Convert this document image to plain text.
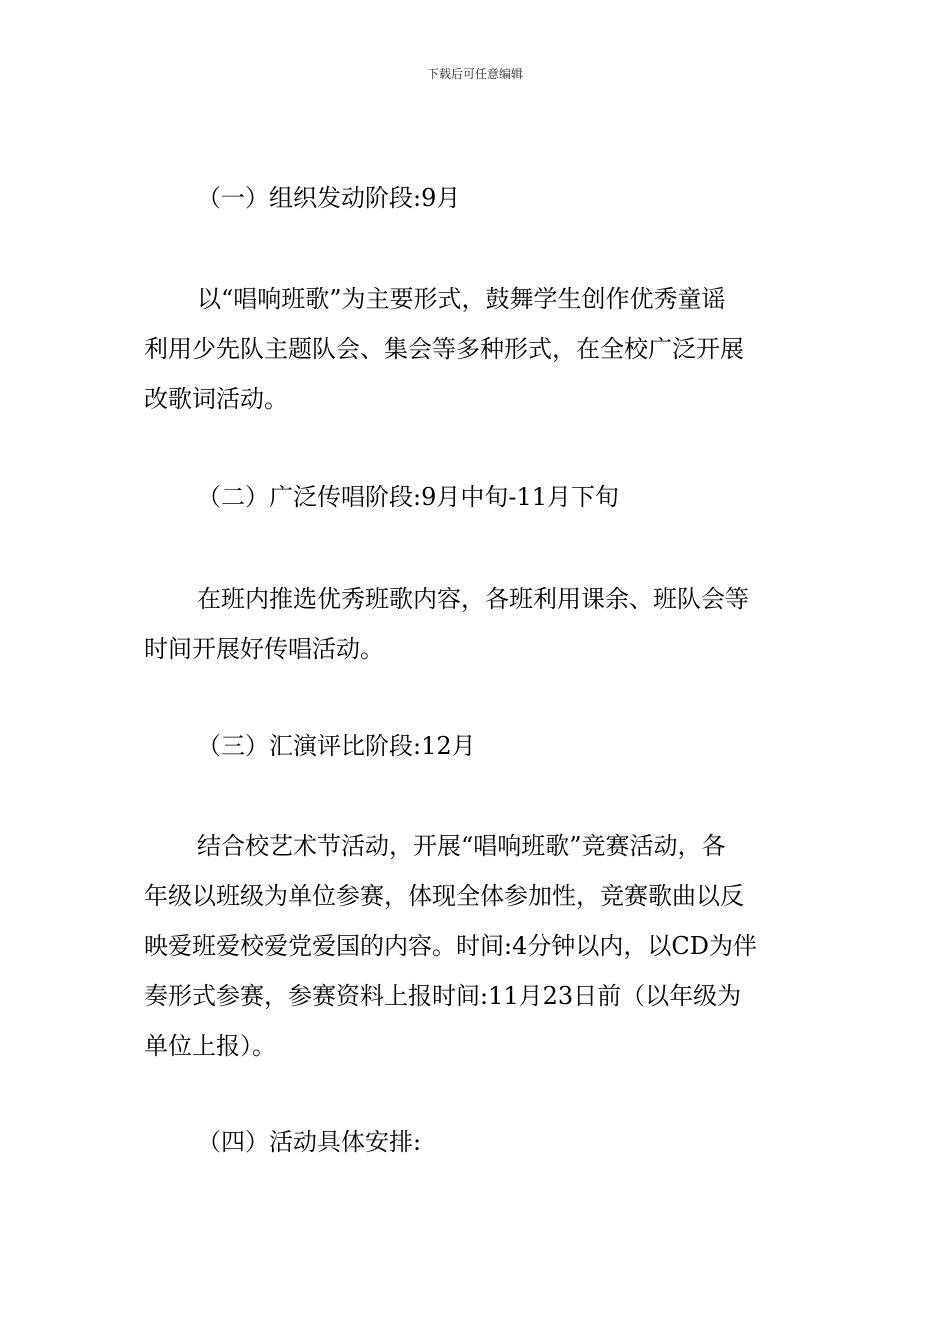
下载后可任意编辑
（一）组织发动阶段:9月
以“唱响班歌”为主要形式，鼓舞学生创作优秀童谣
利用少先队主题队会、集会等多种形式，在全校广泛开展
改歌词活动。
（二）广泛传唱阶段:9月中旬-11月下旬
在班内推选优秀班歌内容，各班利用课余、班队会等
时间开展好传唱活动。
（三）汇演评比阶段:12月
结合校艺术节活动，开展“唱响班歌”竞赛活动，各
年级以班级为单位参赛，体现全体参加性，竞赛歌曲以反
映爱班爱校爱党爱国的内容。时间:4分钟以内，以CD为伴
奏形式参赛，参赛资料上报时间:11月23日前（以年级为
单位上报）。
（四）活动具体安排:
